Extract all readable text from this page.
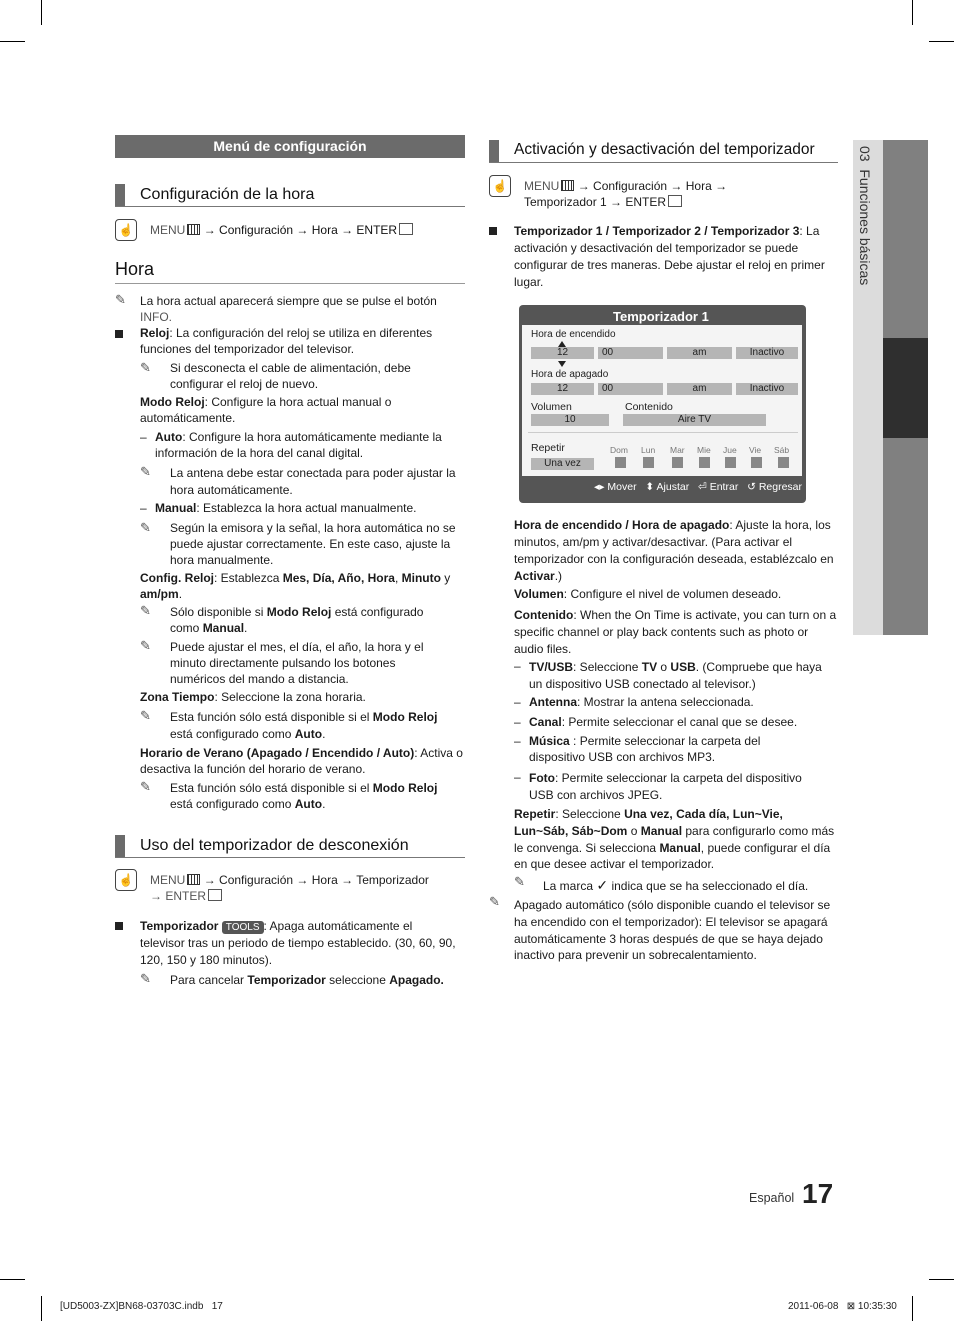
03  Funciones básicas
Menú de configuración
Configuración de la hora
☝ MENU → Configuración → Hora → ENTER
Hora
✎	La hora actual aparecerá siempre que se pulse el botón
INFO.
Reloj: La configuración del reloj se utiliza en diferentes funciones del temporizador del televisor.
✎	Si desconecta el cable de alimentación, debe configurar el reloj de nuevo.
Modo Reloj: Configure la hora actual manual o automáticamente.
– Auto: Configure la hora automáticamente mediante la información de la hora del canal digital.
✎	La antena debe estar conectada para poder ajustar la hora automáticamente.
– Manual: Establezca la hora actual manualmente.
✎	Según la emisora y la señal, la hora automática no se puede ajustar correctamente. En este caso, ajuste la hora manualmente.
Config. Reloj: Establezca Mes, Día, Año, Hora, Minuto y am/pm.
✎	Sólo disponible si Modo Reloj está configurado como Manual.
✎	Puede ajustar el mes, el día, el año, la hora y el minuto directamente pulsando los botones numéricos del mando a distancia.
Zona Tiempo: Seleccione la zona horaria.
✎	Esta función sólo está disponible si el Modo Reloj está configurado como Auto.
Horario de Verano (Apagado / Encendido / Auto): Activa o desactiva la función del horario de verano.
✎	Esta función sólo está disponible si el Modo Reloj está configurado como Auto.
Uso del temporizador de desconexión
☝ MENU → Configuración → Hora → Temporizador
→ ENTER
Temporizador TOOLS : Apaga automáticamente el televisor tras un periodo de tiempo establecido. (30, 60, 90, 120, 150 y 180 minutos).
✎	Para cancelar Temporizador seleccione Apagado.
Activación y desactivación del temporizador
☝ MENU → Configuración → Hora →
Temporizador 1 → ENTER
Temporizador 1 / Temporizador 2 / Temporizador 3: La activación y desactivación del temporizador se puede configurar de tres maneras. Debe ajustar el reloj en primer lugar.
Temporizador 1
Hora de encendido
12	00	am	Inactivo
Hora de apagado
12	00	am	Inactivo
Volumen	Contenido
10	Aire TV
Repetir
Una vez
Dom Lun Mar Mie Jue Vie Sáb
◂▸ Mover ⬍ Ajustar ⏎ Entrar ↺ Regresar
Hora de encendido / Hora de apagado: Ajuste la hora, los minutos, am/pm y activar/desactivar. (Para activar el temporizador con la configuración deseada, establézcalo en Activar.)
Volumen: Configure el nivel de volumen deseado.
Contenido: When the On Time is activate, you can turn on a specific channel or play back contents such as photo or audio files.
– TV/USB: Seleccione TV o USB. (Compruebe que haya un dispositivo USB conectado al televisor.)
– Antenna: Mostrar la antena seleccionada.
– Canal: Permite seleccionar el canal que se desee.
– Música : Permite seleccionar la carpeta del dispositivo USB con archivos MP3.
– Foto: Permite seleccionar la carpeta del dispositivo USB con archivos JPEG.
Repetir: Seleccione Una vez, Cada día, Lun~Vie, Lun~Sáb, Sáb~Dom o Manual para configurarlo como más le convenga. Si selecciona Manual, puede configurar el día en que desee activar el temporizador.
✎	La marca ✓ indica que se ha seleccionado el día.
✎	Apagado automático (sólo disponible cuando el televisor se ha encendido con el temporizador): El televisor se apagará automáticamente 3 horas después de que se haya dejado inactivo para prevenir un sobrecalentamiento.
Español 17
[UD5003-ZX]BN68-03703C.indb   17	2011-06-08   ⊠ 10:35:30
